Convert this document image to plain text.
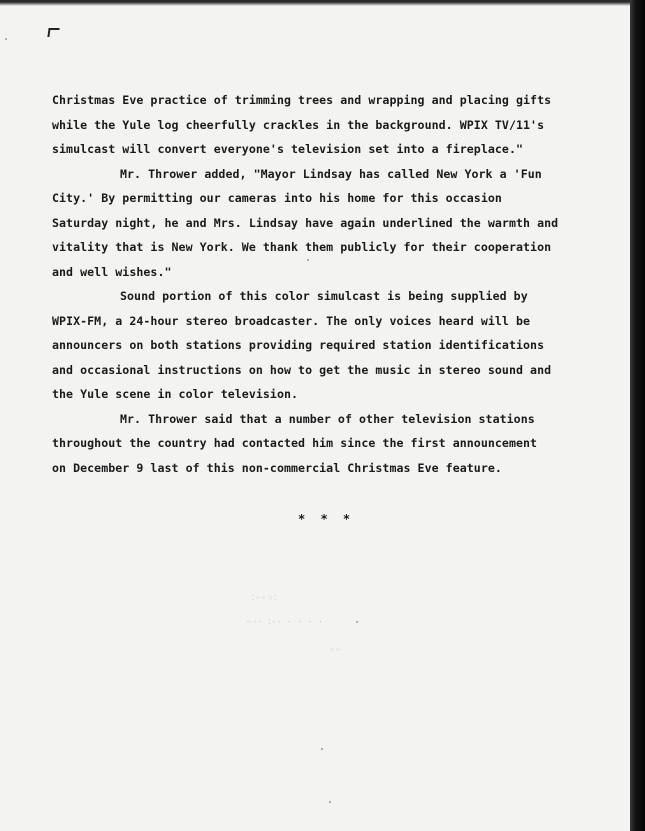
Christmas Eve practice of trimming trees and wrapping and placing gifts
while the Yule log cheerfully crackles in the background. WPIX TV/11's
simulcast will convert everyone's television set into a fireplace."
Mr. Thrower added, "Mayor Lindsay has called New York a 'Fun
City.' By permitting our cameras into his home for this occasion
Saturday night, he and Mrs. Lindsay have again underlined the warmth and
vitality that is New York. We thank them publicly for their cooperation
and well wishes."
Sound portion of this color simulcast is being supplied by
WPIX-FM, a 24-hour stereo broadcaster. The only voices heard will be
announcers on both stations providing required station identifications
and occasional instructions on how to get the music in stereo sound and
the Yule scene in color television.
Mr. Thrower said that a number of other television stations
throughout the country had contacted him since the first announcement
on December 9 last of this non-commercial Christmas Eve feature.
* * *
⁚⁖⁘⁙⁚
⁘⁖· ⁚⁖· · · · ·
⁖⁘
